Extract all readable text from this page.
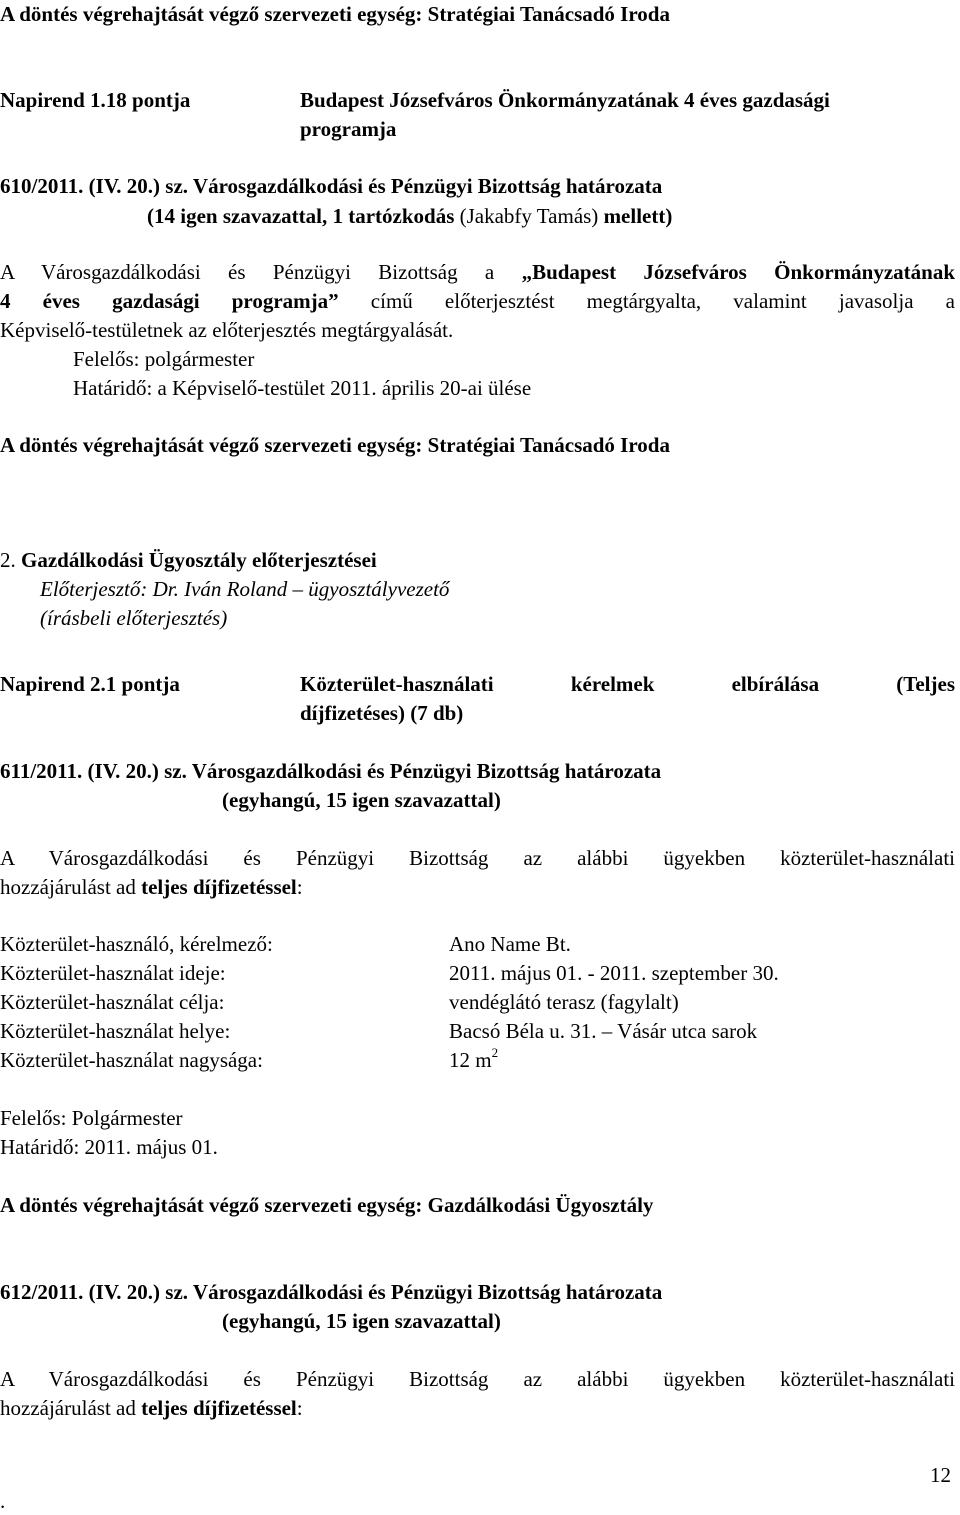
A döntés végrehajtását végző szervezeti egység: Stratégiai Tanácsadó Iroda
Napirend 1.18 pontja	Budapest Józsefváros Önkormányzatának 4 éves gazdasági
programja
610/2011. (IV. 20.) sz. Városgazdálkodási és Pénzügyi Bizottság határozata
(14 igen szavazattal, 1 tartózkodás (Jakabfy Tamás) mellett)
A Városgazdálkodási és Pénzügyi Bizottság a „Budapest Józsefváros Önkormányzatának
4 éves gazdasági programja” című előterjesztést megtárgyalta, valamint javasolja a
Képviselő-testületnek az előterjesztés megtárgyalását.
Felelős: polgármester
Határidő: a Képviselő-testület 2011. április 20-ai ülése
A döntés végrehajtását végző szervezeti egység: Stratégiai Tanácsadó Iroda
2. Gazdálkodási Ügyosztály előterjesztései
Előterjesztő: Dr. Iván Roland – ügyosztályvezető
(írásbeli előterjesztés)
Napirend 2.1 pontja	Közterület-használati	kérelmek	elbírálása	(Teljes
díjfizetéses) (7 db)
611/2011. (IV. 20.) sz. Városgazdálkodási és Pénzügyi Bizottság határozata
(egyhangú, 15 igen szavazattal)
A Városgazdálkodási és Pénzügyi Bizottság az alábbi ügyekben közterület-használati
hozzájárulást ad teljes díjfizetéssel:
Közterület-használó, kérelmező:	Ano Name Bt.
Közterület-használat ideje:	2011. május 01. - 2011. szeptember 30.
Közterület-használat célja:	vendéglátó terasz (fagylalt)
Közterület-használat helye:	Bacsó Béla u. 31. – Vásár utca sarok
Közterület-használat nagysága:	12 $m^2$
Felelős: Polgármester
Határidő: 2011. május 01.
A döntés végrehajtását végző szervezeti egység: Gazdálkodási Ügyosztály
612/2011. (IV. 20.) sz. Városgazdálkodási és Pénzügyi Bizottság határozata
(egyhangú, 15 igen szavazattal)
A Városgazdálkodási és Pénzügyi Bizottság az alábbi ügyekben közterület-használati
hozzájárulást ad teljes díjfizetéssel:
12
.
